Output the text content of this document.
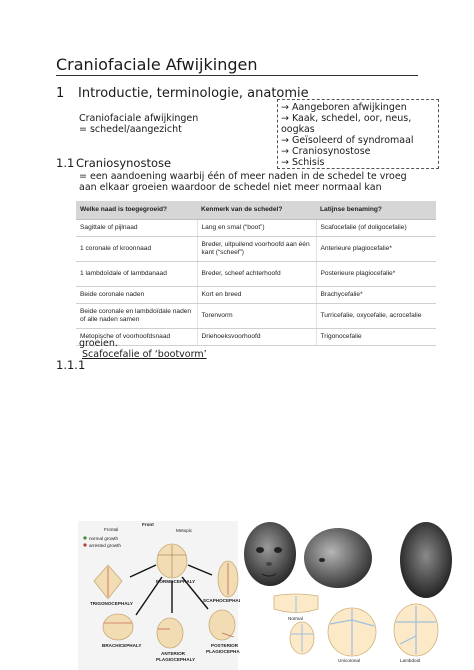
Craniofaciale Afwijkingen
1 Introductie, terminologie, anatomie
Craniofaciale afwijkingen
= schedel/aangezicht
→ Aangeboren afwijkingen
→ Kaak, schedel, oor, neus,
oogkas
→ Geïsoleerd of syndromaal
→ Craniosynostose
→ Schisis
1.1 Craniosynostose
= een aandoening waarbij één of meer naden in de schedel te vroeg
aan elkaar groeien waardoor de schedel niet meer normaal kan
Welke naad is toegegroeid?	Kenmerk van de schedel?	Latijnse benaming?
Sagittale of pijlnaad	Lang en smal (“boot”)	Scafocefalie (of doligocefalie)
1 coronale of kroonnaad	Breder, uitpuilend voorhoofd aan één kant (“scheef”)	Anterieure plagiocefalie*
1 lambdoïdale of lambdanaad	Breder, scheef achterhoofd	Posterieure plagiocefalie*
Beide coronale naden	Kort en breed	Brachycefalie*
Beide coronale en lambdoïdale naden of alle naden samen	Torenvorm	Turricefalie, oxycefalie, acrocefalie
Metopische of voorhoofdsnaad	Driehoeksvoorhoofd	Trigonocefalie
groeien.
Scafocefalie of ‘bootvorm’
1.1.1
Frontal
Front
Metopic
normal growth
arrested growth
NORMOCEPHALY
TRIGONOCEPHALY
SCAPHOCEPHALY
BRACHICEPHALY
ANTERIOR
PLAGIOCEPHALY
POSTERIOR
PLAGIOCEPHALY
Normal
Unicoronal	Lambdoid
